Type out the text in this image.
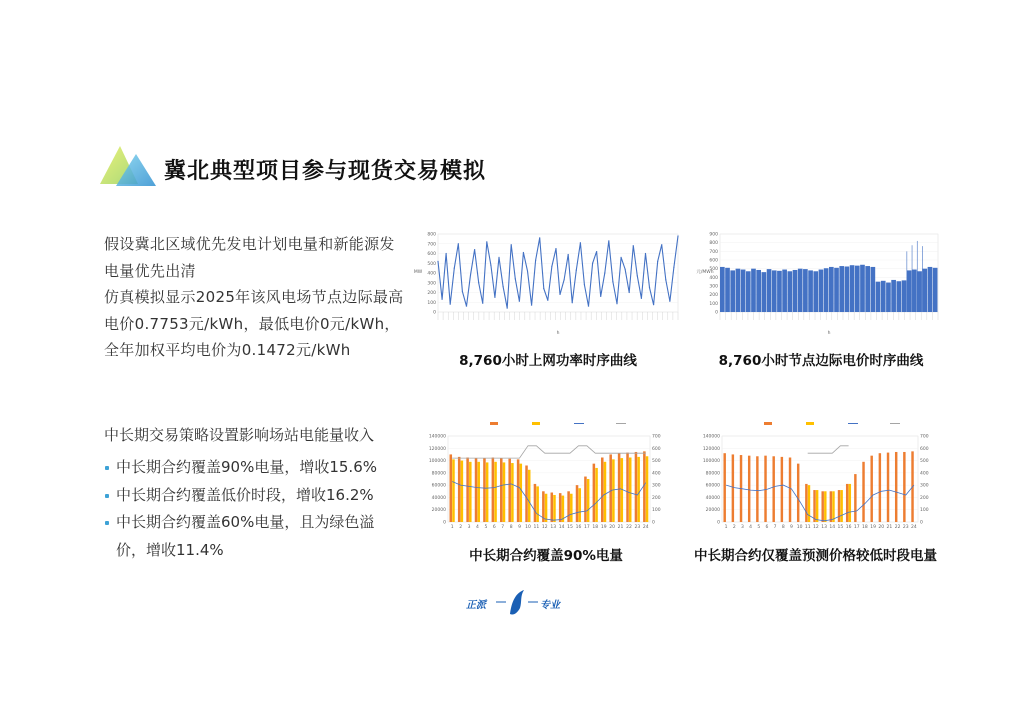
冀北典型项目参与现货交易模拟
假设冀北区域优先发电计划电量和新能源发电量优先出清
仿真模拟显示2025年该风电场节点边际最高电价0.7753元/kWh，最低电价0元/kWh，全年加权平均电价为0.1472元/kWh
中长期交易策略设置影响场站电能量收入
中长期合约覆盖90%电量，增收15.6%
中长期合约覆盖低价时段，增收16.2%
中长期合约覆盖60%电量，且为绿色溢价，增收11.4%
0
100
200
300
400
500
600
700
800
MW
h
8,760小时上网功率时序曲线
0
100
200
300
400
500
600
700
800
900
元/MWh
h
8,760小时节点边际电价时序曲线
0
20000
40000
60000
80000
100000
120000
140000
0
100
200
300
400
500
600
700
1 2 3 4 5 6 7 8 9 10 11 12 13 14 15 16 17 18 19 20 21 22 23 24
中长期合约覆盖90%电量
0
20000
40000
60000
80000
100000
120000
140000
0
100
200
300
400
500
600
700
1 2 3 4 5 6 7 8 9 10 11 12 13 14 15 16 17 18 19 20 21 22 23 24
中长期合约仅覆盖预测价格较低时段电量
正派	专业
